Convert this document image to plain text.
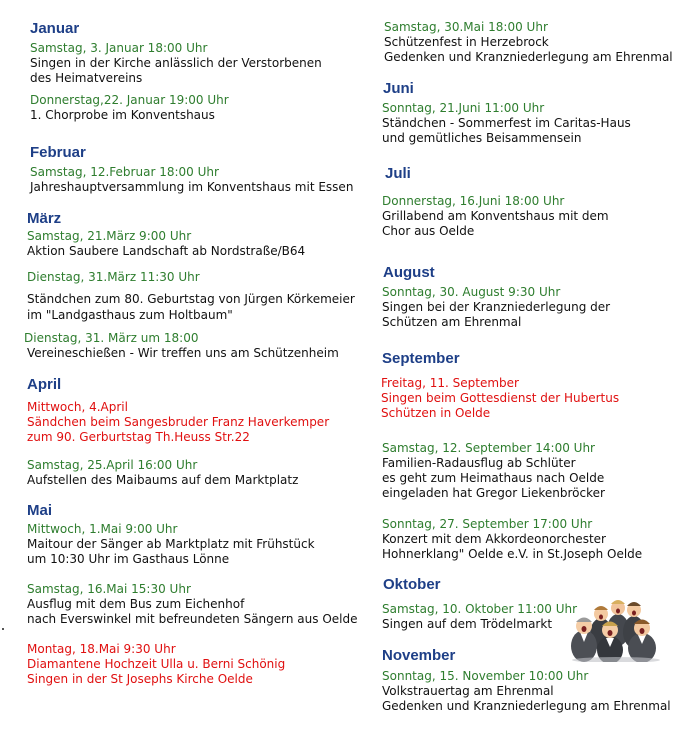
Januar
Samstag, 3. Januar 18:00 Uhr
Singen in der Kirche anlässlich der Verstorbenen
des Heimatvereins
Donnerstag,22. Januar 19:00 Uhr
1. Chorprobe im Konventshaus
Februar
Samstag, 12.Februar 18:00 Uhr
Jahreshauptversammlung im Konventshaus mit Essen
März
Samstag, 21.März 9:00 Uhr
Aktion Saubere Landschaft ab Nordstraße/B64
Dienstag, 31.März 11:30 Uhr
Ständchen zum 80. Geburtstag von Jürgen Körkemeier
im "Landgasthaus zum Holtbaum"
Dienstag, 31. März um 18:00
Vereineschießen - Wir treffen uns am Schützenheim
April
Mittwoch, 4.April
Sändchen beim Sangesbruder Franz Haverkemper
zum 90. Gerburtstag Th.Heuss Str.22
Samstag, 25.April 16:00 Uhr
Aufstellen des Maibaums auf dem Marktplatz
Mai
Mittwoch, 1.Mai 9:00 Uhr
Maitour der Sänger ab Marktplatz mit Frühstück
um 10:30 Uhr im Gasthaus Lönne
Samstag, 16.Mai 15:30 Uhr
Ausflug mit dem Bus zum Eichenhof
nach Everswinkel mit befreundeten Sängern aus Oelde
Montag, 18.Mai 9:30 Uhr
Diamantene Hochzeit Ulla u. Berni Schönig
Singen in der St Josephs Kirche Oelde
Samstag, 30.Mai 18:00 Uhr
Schützenfest in Herzebrock
Gedenken und Kranzniederlegung am Ehrenmal
Juni
Sonntag, 21.Juni 11:00 Uhr
Ständchen - Sommerfest im Caritas-Haus
und gemütliches Beisammensein
Juli
Donnerstag, 16.Juni 18:00 Uhr
Grillabend am Konventshaus mit dem
Chor aus Oelde
August
Sonntag, 30. August 9:30 Uhr
Singen bei der Kranzniederlegung der
Schützen am Ehrenmal
September
Freitag, 11. September
Singen beim Gottesdienst der Hubertus
Schützen in Oelde
Samstag, 12. September 14:00 Uhr
Familien-Radausflug ab Schlüter
es geht zum Heimathaus nach Oelde
eingeladen hat Gregor Liekenbröcker
Sonntag, 27. September 17:00 Uhr
Konzert mit dem Akkordeonorchester
Hohnerklang" Oelde e.V. in St.Joseph Oelde
Oktober
Samstag, 10. Oktober 11:00 Uhr
Singen auf dem Trödelmarkt
November
Sonntag, 15. November 10:00 Uhr
Volkstrauertag am Ehrenmal
Gedenken und Kranzniederlegung am Ehrenmal
